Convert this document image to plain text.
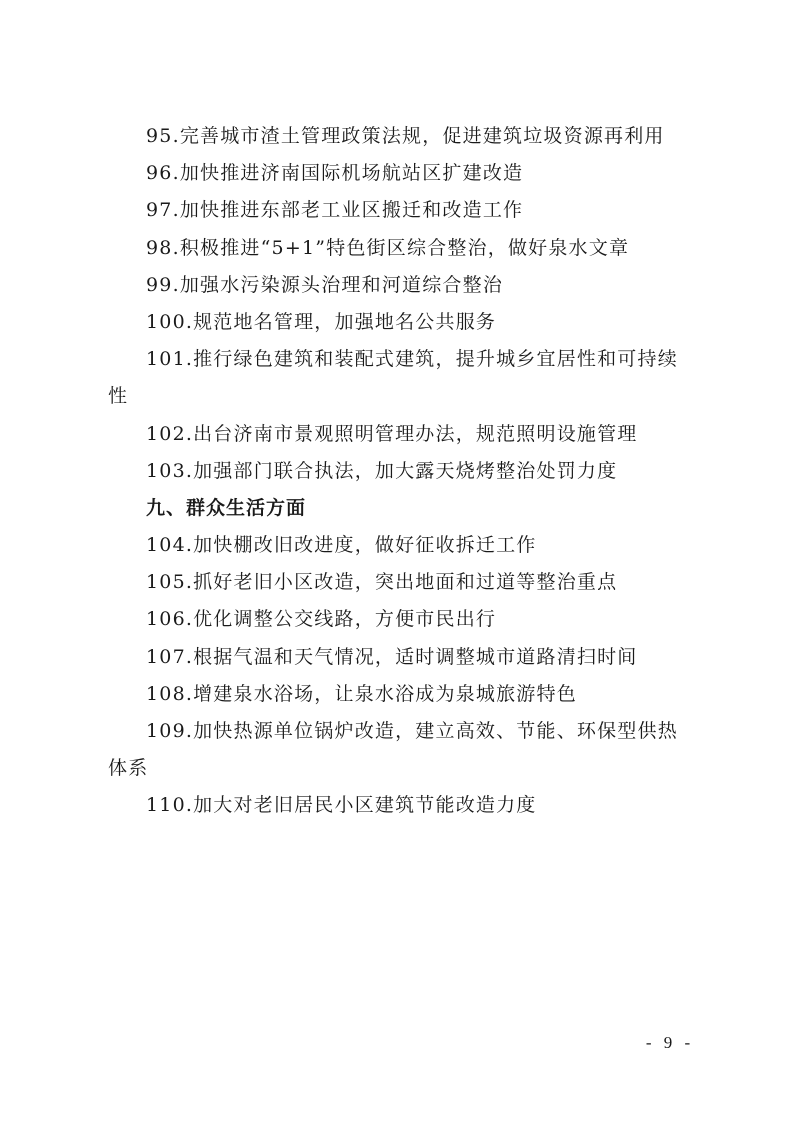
95.完善城市渣土管理政策法规，促进建筑垃圾资源再利用
96.加快推进济南国际机场航站区扩建改造
97.加快推进东部老工业区搬迁和改造工作
98.积极推进“5+1”特色街区综合整治，做好泉水文章
99.加强水污染源头治理和河道综合整治
100.规范地名管理，加强地名公共服务
101.推行绿色建筑和装配式建筑，提升城乡宜居性和可持续
性
102.出台济南市景观照明管理办法，规范照明设施管理
103.加强部门联合执法，加大露天烧烤整治处罚力度
九、群众生活方面
104.加快棚改旧改进度，做好征收拆迁工作
105.抓好老旧小区改造，突出地面和过道等整治重点
106.优化调整公交线路，方便市民出行
107.根据气温和天气情况，适时调整城市道路清扫时间
108.增建泉水浴场，让泉水浴成为泉城旅游特色
109.加快热源单位锅炉改造，建立高效、节能、环保型供热
体系
110.加大对老旧居民小区建筑节能改造力度
- 9 -
